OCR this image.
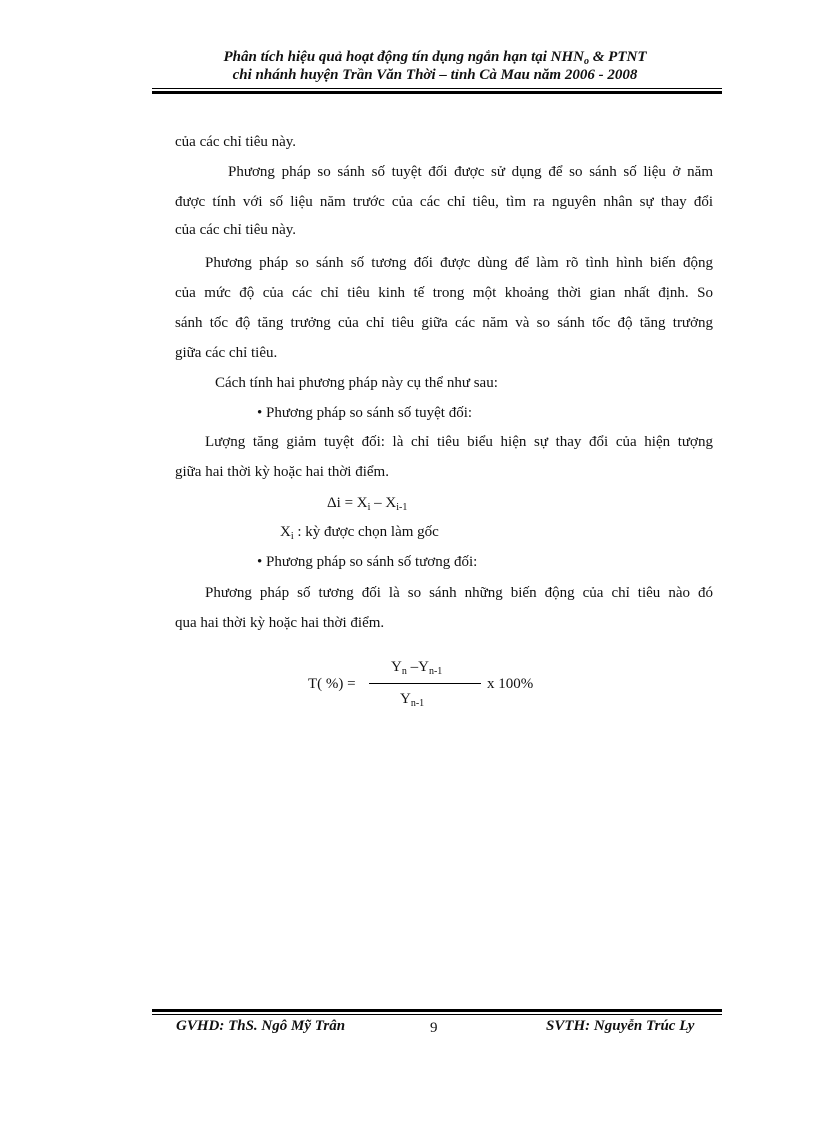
Phân tích hiệu quả hoạt động tín dụng ngắn hạn tại $NHN_o$ & PTNT
chi nhánh huyện Trần Văn Thời – tỉnh Cà Mau năm 2006 - 2008
của các chỉ tiêu này.
Phương pháp so sánh số tuyệt đối được sử dụng để so sánh số liệu ở năm
được tính với số liệu năm trước của các chỉ tiêu, tìm ra nguyên nhân sự thay đổi
của các chỉ tiêu này.
Phương pháp so sánh số tương đối được dùng để làm rõ tình hình biến động
của mức độ của các chỉ tiêu kinh tế trong một khoảng thời gian nhất định. So
sánh tốc độ tăng trưởng của chỉ tiêu giữa các năm và so sánh tốc độ tăng trưởng
giữa các chỉ tiêu.
Cách tính hai phương pháp này cụ thể như sau:
• Phương pháp so sánh số tuyệt đối:
Lượng tăng giảm tuyệt đối: là chỉ tiêu biểu hiện sự thay đổi của hiện tượng
giữa hai thời kỳ hoặc hai thời điểm.
$\Delta i = X_i - X_{i-1}$
$X_i$ : kỳ được chọn làm gốc
• Phương pháp so sánh số tương đối:
Phương pháp số tương đối là so sánh những biến động của chỉ tiêu nào đó
qua hai thời kỳ hoặc hai thời điểm.
T( %) =
$Y_n$ $-Y_{n-1}$
$Y_{n-1}$
x 100%
GVHD: ThS. Ngô Mỹ Trân	9	SVTH: Nguyễn Trúc Ly
